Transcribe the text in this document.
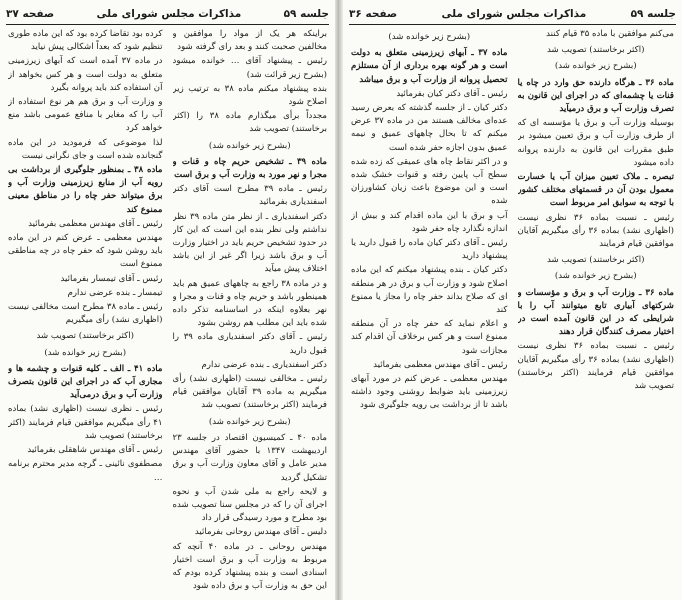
جلسه ۵۹
مذاکرات مجلس شورای ملی
صفحه ۳۷

براینکه هر یک از مواد را موافقین و مخالفین صحبت کنند و بعد رای گرفته شود

رئیس ـ پیشنهاد آقای … خوانده میشود (بشرح زیر قرائت شد)

بنده پیشنهاد میکنم ماده ۳۸ به ترتیب زیر اصلاح شود

مجدداً برأی میگذارم ماده ۳۸ را (اکثر برخاستند) تصویب شد

(بشرح زیر خوانده شد)

ماده ۳۹ ـ تشخیص حریم چاه و قنات و مجرا و نهر مورد به وزارت آب و برق است

رئیس ـ ماده ۳۹ مطرح است آقای دکتر اسفندیاری بفرمائید

دکتر اسفندیاری ـ از نظر متن ماده ۳۹ نظر نداشتم ولی نظر بنده این است که این کار در حدود تشخیص حریم باید در اختیار وزارت آب و برق باشد زیرا اگر غیر از این باشد اختلاف پیش میآید

و در ماده ۳۸ راجع به چاههای عمیق هم باید همینطور باشد و حریم چاه و قنات و مجرا و نهر بعلاوه اینکه در اساسنامه تذکر داده شده باید این مطلب هم روشن بشود

رئیس ـ آقای دکتر اسفندیاری ماده ۳۹ را قبول دارید

دکتر اسفندیاری ـ بنده عرضی ندارم

رئیس ـ مخالفی نیست (اظهاری نشد) رأی میگیریم به ماده ۳۹ آقایان موافقین قیام فرمایند (اکثر برخاستند) تصویب شد

(بشرح زیر خوانده شد)

ماده ۴۰ ـ کمیسیون اقتصاد در جلسه ۲۳ اردیبهشت ۱۳۴۷ با حضور آقای مهندس مدیر عامل و آقای معاون وزارت آب و برق تشکیل گردید

و لایحه راجع به ملی شدن آب و نحوه اجرای آن را که در مجلس سنا تصویب شده بود مطرح و مورد رسیدگی قرار داد

دلیس ـ آقای مهندس روحانی بفرمائید

مهندس روحانی ـ در ماده ۴۰ آنچه که مربوط به وزارت آب و برق است اختیار اسنادی است و بنده پیشنهاد کرده بودم که این حق به وزارت آب و برق داده شود

کرده بود تقاضا کرده بود که این ماده طوری تنظیم شود که بعداً اشکالی پیش نیاید

در ماده ۳۷ آمده است که آبهای زیرزمینی متعلق به دولت است و هر کس بخواهد از آن استفاده کند باید پروانه بگیرد

و وزارت آب و برق هم هر نوع استفاده از آب را که مغایر با منافع عمومی باشد منع خواهد کرد

لذا موضوعی که فرمودید در این ماده گنجانده شده است و جای نگرانی نیست

ماده ۳۸ ـ بمنظور جلوگیری از برداشت بی رویه آب از منابع زیرزمینی وزارت آب و برق میتواند حفر چاه را در مناطق معینی ممنوع کند

رئیس ـ آقای مهندس معظمی بفرمائید

مهندس معظمی ـ عرض کنم در این ماده باید روشن شود که حفر چاه در چه مناطقی ممنوع است

رئیس ـ آقای تیمسار بفرمائید

تیمسار ـ بنده عرضی ندارم

رئیس ـ ماده ۳۸ مطرح است مخالفی نیست (اظهاری نشد) رأی میگیریم

(اکثر برخاستند) تصویب شد

(بشرح زیر خوانده شد)

ماده ۴۱ ـ الف ـ کلیه قنوات و چشمه ها و مجاری آب که در اجرای این قانون بتصرف وزارت آب و برق درمی‌آید

رئیس ـ نظری نیست (اظهاری نشد) بماده ۴۱ رأی میگیریم موافقین قیام فرمایند (اکثر برخاستند) تصویب شد

رئیس ـ آقای مهندس شاهقلی بفرمائید

مصطفوی نائینی ـ گرچه مدیر محترم برنامه …

جلسه ۵۹
مذاکرات مجلس شورای ملی
صفحه ۳۶

می‌کنم موافقین با ماده ۳۵ قیام کنند

(اکثر برخاستند) تصویب شد

(بشرح زیر خوانده شد)

ماده ۳۶ ـ هرگاه دارنده حق وارد در چاه یا قنات یا چشمه‌ای که در اجرای این قانون به تصرف وزارت آب و برق درمیآید

بوسیله وزارت آب و برق یا مؤسسه ای که از طرف وزارت آب و برق تعیین میشود بر طبق مقررات این قانون به دارنده پروانه داده میشود

تبصره ـ ملاک تعیین میزان آب یا خسارت معمول بودن آن در قسمتهای مختلف کشور با توجه به سوابق امر مربوط است

رئیس ـ نسبت بماده ۳۶ نظری نیست (اظهاری نشد) بماده ۳۶ رأی میگیریم آقایان موافقین قیام فرمایند

(اکثر برخاستند) تصویب شد

(بشرح زیر خوانده شد)

ماده ۳۶ ـ وزارت آب و برق و مؤسسات و شرکتهای آبیاری تابع میتوانند آب را با شرایطی که در این قانون آمده است در اختیار مصرف کنندگان قرار دهند

رئیس ـ نسبت بماده ۳۶ نظری نیست (اظهاری نشد) بماده ۳۶ رأی میگیریم آقایان موافقین قیام فرمایند (اکثر برخاستند) تصویب شد

(بشرح زیر خوانده شد)

ماده ۳۷ ـ آبهای زیرزمینی متعلق به دولت است و هر گونه بهره برداری از آن مستلزم تحصیل پروانه از وزارت آب و برق میباشد

رئیس ـ آقای دکتر کیان بفرمائید

دکتر کیان ـ از جلسه گذشته که بعرض رسید عده‌ای مخالف هستند من در ماده ۳۷ عرض میکنم که تا بحال چاههای عمیق و نیمه عمیق بدون اجازه حفر شده است

و در اکثر نقاط چاه های عمیقی که زده شده سطح آب پایین رفته و قنوات خشک شده است و این موضوع باعث زیان کشاورزان شده

آب و برق با این ماده اقدام کند و بیش از اندازه نگذارد چاه حفر شود

رئیس ـ آقای دکتر کیان ماده را قبول دارید یا پیشنهاد دارید

دکتر کیان ـ بنده پیشنهاد میکنم که این ماده اصلاح شود و وزارت آب و برق در هر منطقه ای که صلاح بداند حفر چاه را مجاز یا ممنوع کند

و اعلام نماید که حفر چاه در آن منطقه ممنوع است و هر کس برخلاف آن اقدام کند مجازات شود

رئیس ـ آقای مهندس معظمی بفرمائید

مهندس معظمی ـ عرض کنم در مورد آبهای زیرزمینی باید ضوابط روشنی وجود داشته باشد تا از برداشت بی رویه جلوگیری شود
